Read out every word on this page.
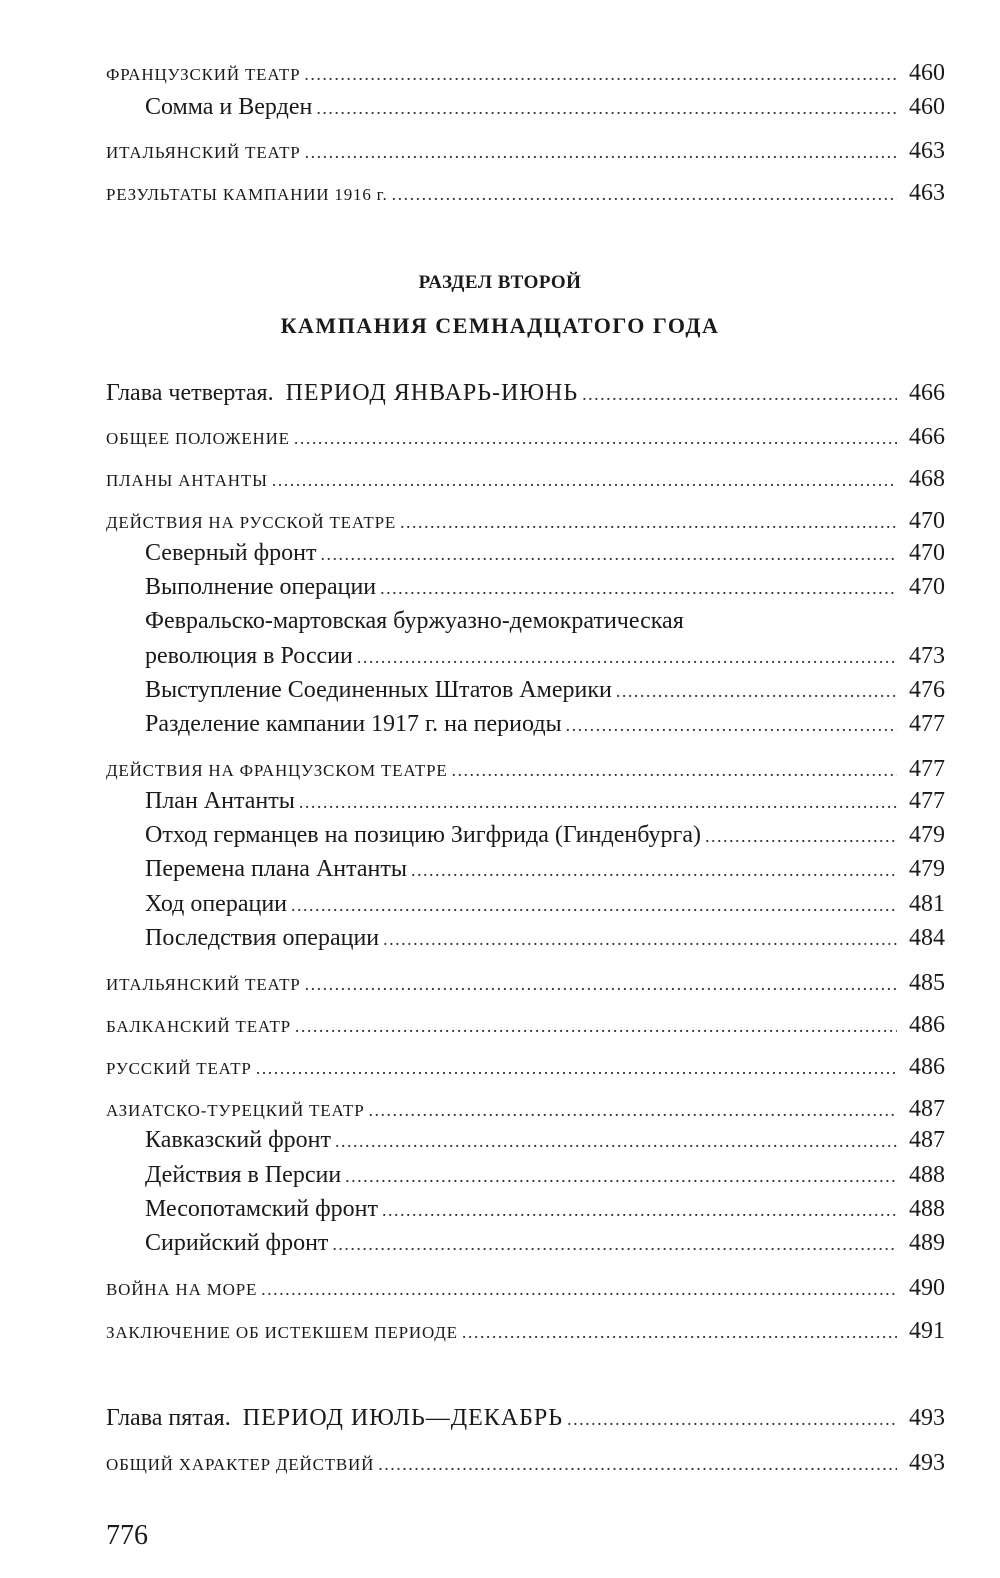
ФРАНЦУЗСКИЙ ТЕАТР .....	460
Сомма и Верден .....	460
ИТАЛЬЯНСКИЙ ТЕАТР .....	463
РЕЗУЛЬТАТЫ КАМПАНИИ 1916 г. .....	463
РАЗДЕЛ ВТОРОЙ
КАМПАНИЯ СЕМНАДЦАТОГО ГОДА
Глава четвертая. ПЕРИОД ЯНВАРЬ-ИЮНЬ .....	466
ОБЩЕЕ ПОЛОЖЕНИЕ .....	466
ПЛАНЫ АНТАНТЫ .....	468
ДЕЙСТВИЯ НА РУССКОЙ ТЕАТРЕ .....	470
Северный фронт .....	470
Выполнение операции .....	470
Февральско-мартовская буржуазно-демократическая
революция в России .....	473
Выступление Соединенных Штатов Америки .....	476
Разделение кампании 1917 г. на периоды .....	477
ДЕЙСТВИЯ НА ФРАНЦУЗСКОМ ТЕАТРЕ .....	477
План Антанты .....	477
Отход германцев на позицию Зигфрида (Гинденбурга) .....	479
Перемена плана Антанты .....	479
Ход операции .....	481
Последствия операции .....	484
ИТАЛЬЯНСКИЙ ТЕАТР .....	485
БАЛКАНСКИЙ ТЕАТР .....	486
РУССКИЙ ТЕАТР .....	486
АЗИАТСКО-ТУРЕЦКИЙ ТЕАТР .....	487
Кавказский фронт .....	487
Действия в Персии .....	488
Месопотамский фронт .....	488
Сирийский фронт .....	489
ВОЙНА НА МОРЕ .....	490
ЗАКЛЮЧЕНИЕ ОБ ИСТЕКШЕМ ПЕРИОДЕ .....	491
Глава пятая. ПЕРИОД ИЮЛЬ—ДЕКАБРЬ .....	493
ОБЩИЙ ХАРАКТЕР ДЕЙСТВИЙ .....	493
776
